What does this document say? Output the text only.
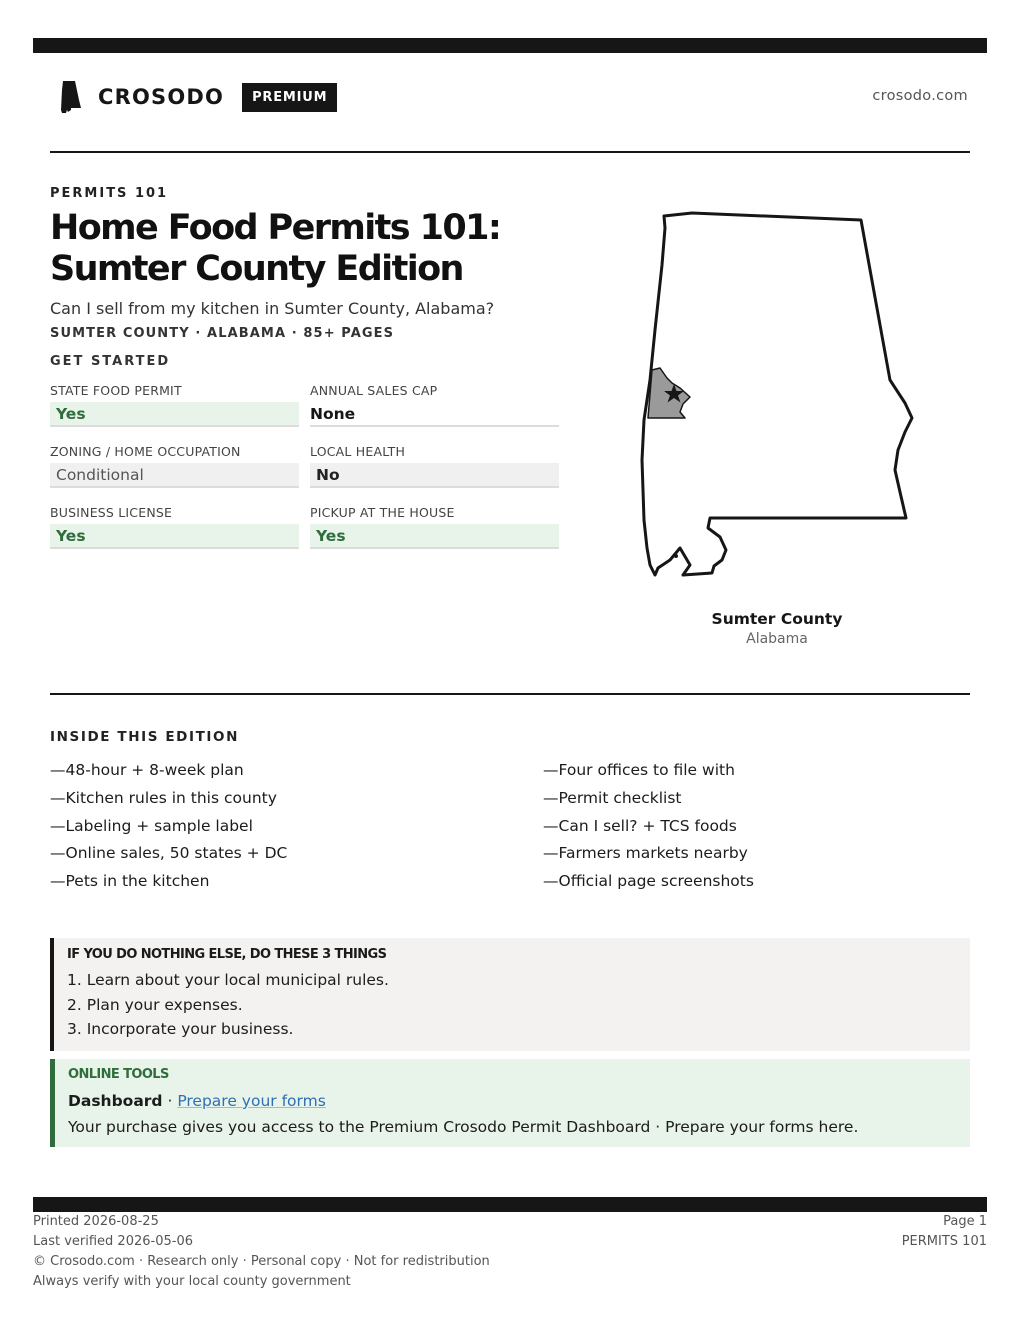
CROSODO	PREMIUM	crosodo.com
PERMITS 101
Home Food Permits 101: Sumter County Edition
Can I sell from my kitchen in Sumter County, Alabama?
SUMTER COUNTY · ALABAMA · 85+ PAGES
GET STARTED
STATE FOOD PERMIT
Yes
ANNUAL SALES CAP
None
ZONING / HOME OCCUPATION
Conditional
LOCAL HEALTH
No
BUSINESS LICENSE
Yes
PICKUP AT THE HOUSE
Yes
Sumter County
Alabama
INSIDE THIS EDITION
—48-hour + 8-week plan
—Kitchen rules in this county
—Labeling + sample label
—Online sales, 50 states + DC
—Pets in the kitchen
—Four offices to file with
—Permit checklist
—Can I sell? + TCS foods
—Farmers markets nearby
—Official page screenshots
IF YOU DO NOTHING ELSE, DO THESE 3 THINGS
1. Learn about your local municipal rules.
2. Plan your expenses.
3. Incorporate your business.
ONLINE TOOLS
Dashboard · Prepare your forms
Your purchase gives you access to the Premium Crosodo Permit Dashboard · Prepare your forms here.
Printed 2026-08-25
Last verified 2026-05-06
© Crosodo.com · Research only · Personal copy · Not for redistribution
Always verify with your local county government
Page 1
PERMITS 101
